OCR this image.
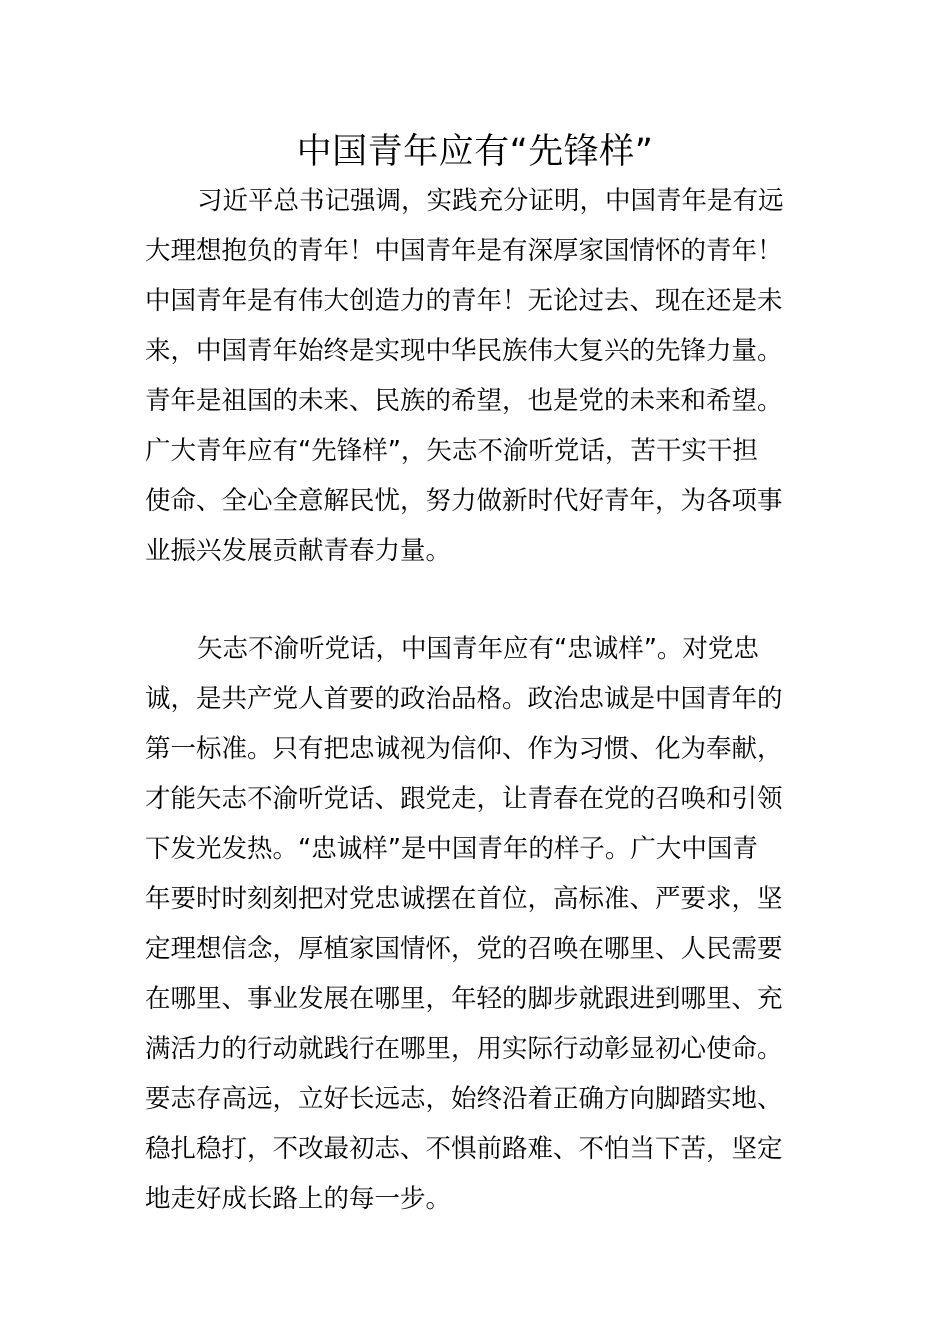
中国青年应有“先锋样”
习近平总书记强调，实践充分证明，中国青年是有远
大理想抱负的青年！中国青年是有深厚家国情怀的青年！
中国青年是有伟大创造力的青年！无论过去、现在还是未
来，中国青年始终是实现中华民族伟大复兴的先锋力量。
青年是祖国的未来、民族的希望，也是党的未来和希望。
广大青年应有“先锋样”，矢志不渝听党话，苦干实干担
使命、全心全意解民忧，努力做新时代好青年，为各项事
业振兴发展贡献青春力量。
矢志不渝听党话，中国青年应有“忠诚样”。对党忠
诚，是共产党人首要的政治品格。政治忠诚是中国青年的
第一标准。只有把忠诚视为信仰、作为习惯、化为奉献，
才能矢志不渝听党话、跟党走，让青春在党的召唤和引领
下发光发热。“忠诚样”是中国青年的样子。广大中国青
年要时时刻刻把对党忠诚摆在首位，高标准、严要求，坚
定理想信念，厚植家国情怀，党的召唤在哪里、人民需要
在哪里、事业发展在哪里，年轻的脚步就跟进到哪里、充
满活力的行动就践行在哪里，用实际行动彰显初心使命。
要志存高远，立好长远志，始终沿着正确方向脚踏实地、
稳扎稳打，不改最初志、不惧前路难、不怕当下苦，坚定
地走好成长路上的每一步。
